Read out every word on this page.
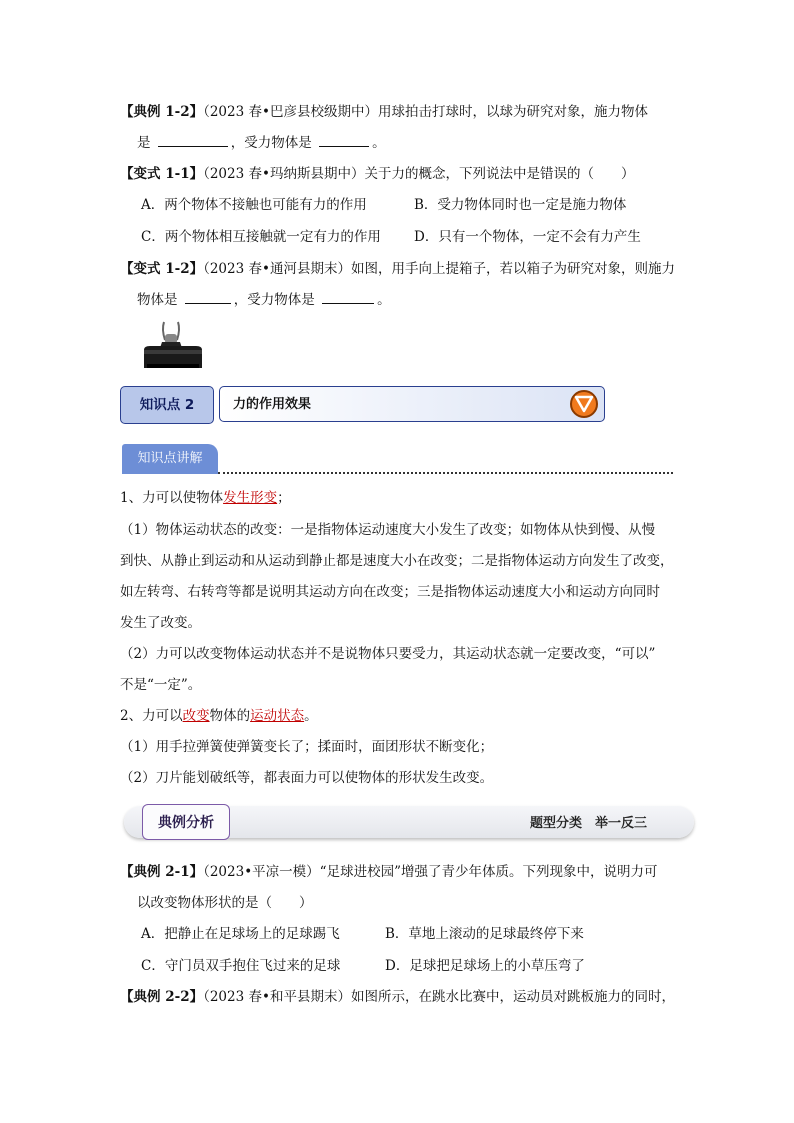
【典例 1-2】（2023 春•巴彦县校级期中）用球拍击打球时，以球为研究对象，施力物体
是	，受力物体是	。
【变式 1-1】（2023 春•玛纳斯县期中）关于力的概念，下列说法中是错误的（　　）
A．两个物体不接触也可能有力的作用	B．受力物体同时也一定是施力物体
C．两个物体相互接触就一定有力的作用 D．只有一个物体，一定不会有力产生
【变式 1-2】（2023 春•通河县期末）如图，用手向上提箱子，若以箱子为研究对象，则施力
物体是	，受力物体是	。
知识点 2	力的作用效果
知识点讲解
1、力可以使物体发生形变；
（1）物体运动状态的改变：一是指物体运动速度大小发生了改变；如物体从快到慢、从慢
到快、从静止到运动和从运动到静止都是速度大小在改变；二是指物体运动方向发生了改变，
如左转弯、右转弯等都是说明其运动方向在改变；三是指物体运动速度大小和运动方向同时
发生了改变。
（2）力可以改变物体运动状态并不是说物体只要受力，其运动状态就一定要改变，“可以”
不是“一定”。
2、力可以改变物体的运动状态。
（1）用手拉弹簧使弹簧变长了；揉面时，面团形状不断变化；
（2）刀片能划破纸等，都表面力可以使物体的形状发生改变。
典例分析	题型分类　举一反三
【典例 2-1】（2023•平凉一模）“足球进校园”增强了青少年体质。下列现象中，说明力可
以改变物体形状的是（　　）
A．把静止在足球场上的足球踢飞	B．草地上滚动的足球最终停下来
C．守门员双手抱住飞过来的足球	D．足球把足球场上的小草压弯了
【典例 2-2】（2023 春•和平县期末）如图所示，在跳水比赛中，运动员对跳板施力的同时，
